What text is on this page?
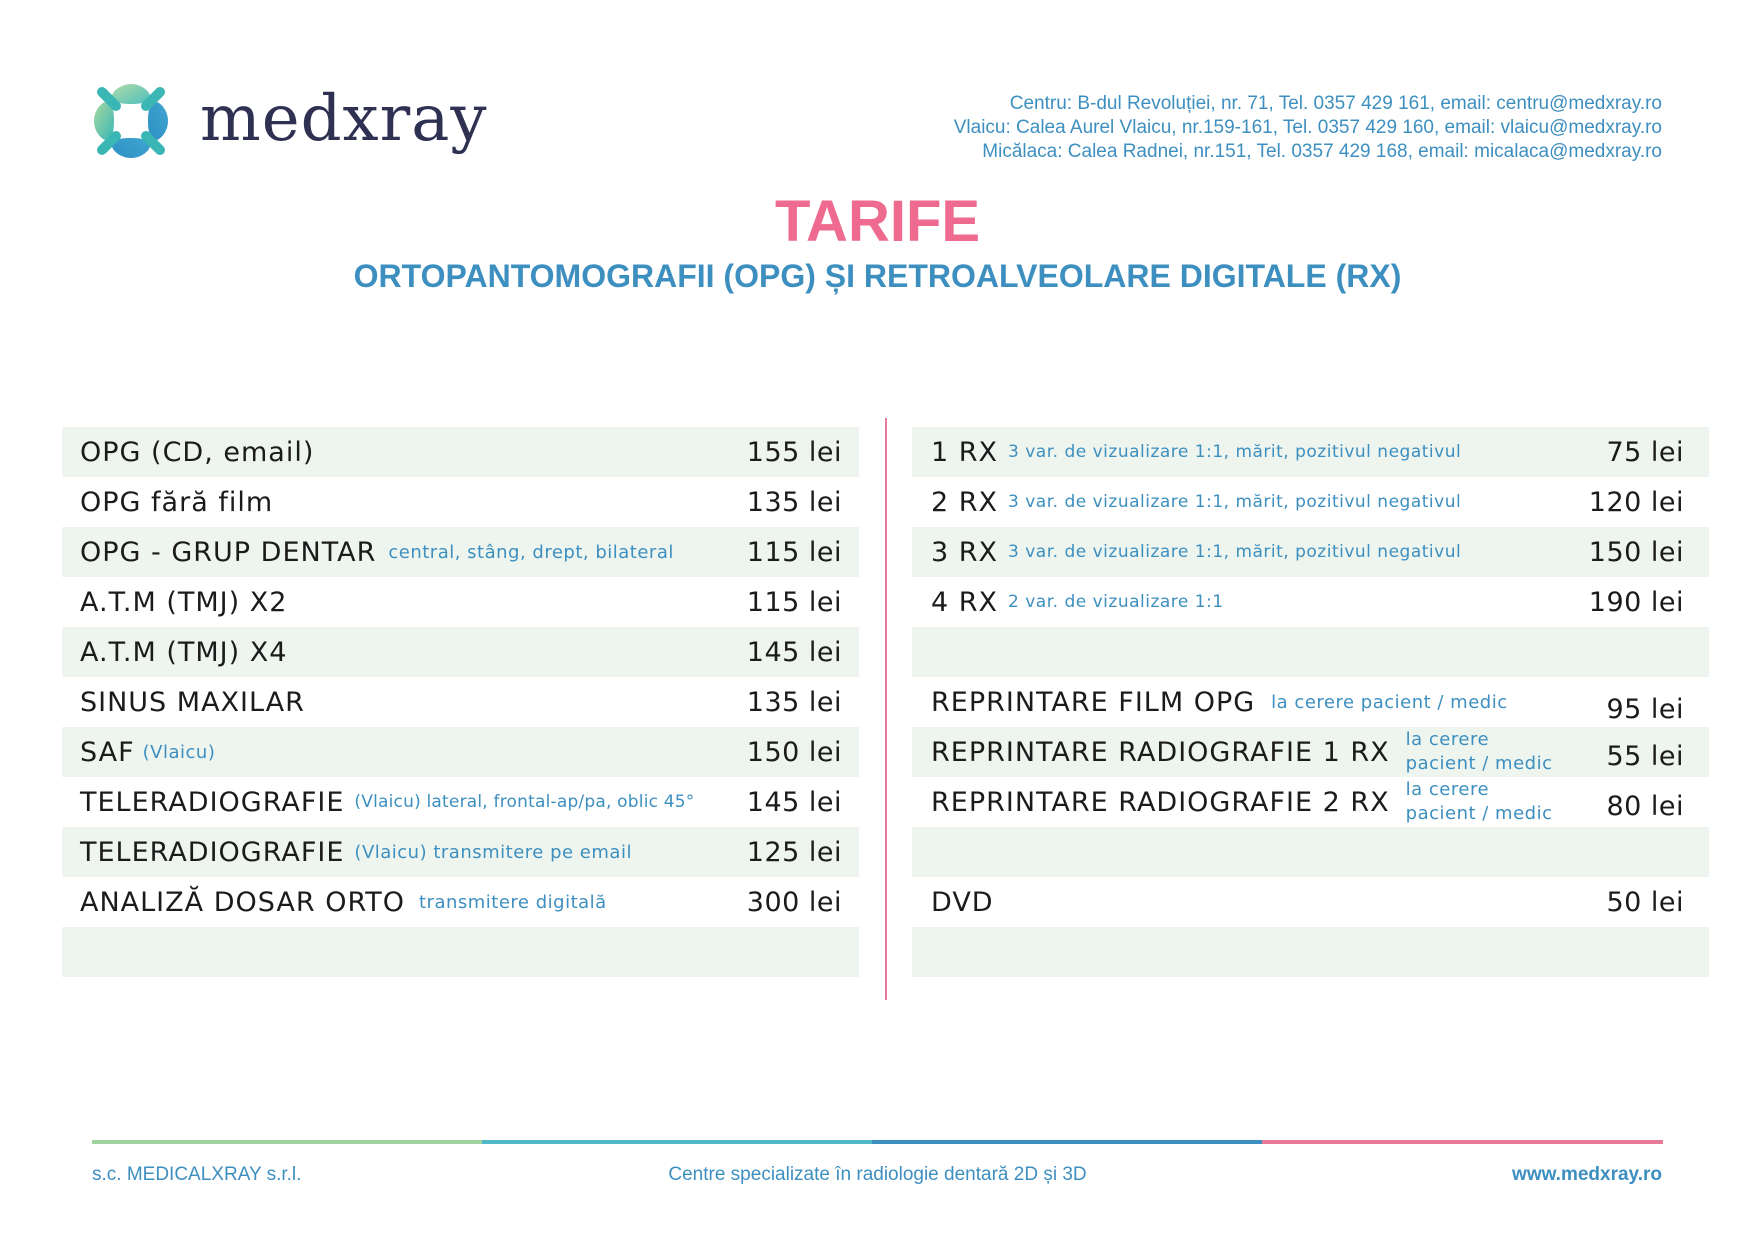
medxray	Centru: B-dul Revoluției, nr. 71, Tel. 0357 429 161, email: centru@medxray.ro
Vlaicu: Calea Aurel Vlaicu, nr.159-161, Tel. 0357 429 160, email: vlaicu@medxray.ro
Micălaca: Calea Radnei, nr.151, Tel. 0357 429 168, email: micalaca@medxray.ro
TARIFE
ORTOPANTOMOGRAFII (OPG) ȘI RETROALVEOLARE DIGITALE (RX)
OPG (CD, email)	155 lei
OPG fără film	135 lei
OPG - GRUP DENTAR central, stâng, drept, bilateral	115 lei
A.T.M (TMJ) X2	115 lei
A.T.M (TMJ) X4	145 lei
SINUS MAXILAR	135 lei
SAF (Vlaicu)	150 lei
TELERADIOGRAFIE (Vlaicu) lateral, frontal-ap/pa, oblic 45° 145 lei
TELERADIOGRAFIE (Vlaicu) transmitere pe email	125 lei
ANALIZĂ DOSAR ORTO transmitere digitală	300 lei
1 RX 3 var. de vizualizare 1:1, mărit, pozitivul negativul	75 lei
2 RX 3 var. de vizualizare 1:1, mărit, pozitivul negativul	120 lei
3 RX 3 var. de vizualizare 1:1, mărit, pozitivul negativul	150 lei
4 RX 2 var. de vizualizare 1:1	190 lei
REPRINTARE FILM OPG la cerere pacient / medic	95 lei
REPRINTARE RADIOGRAFIE 1 RX la cerere pacient / medic 55 lei
REPRINTARE RADIOGRAFIE 2 RX la cerere pacient / medic 80 lei
DVD	50 lei
s.c. MEDICALXRAY s.r.l.	Centre specializate în radiologie dentară 2D și 3D	www.medxray.ro
